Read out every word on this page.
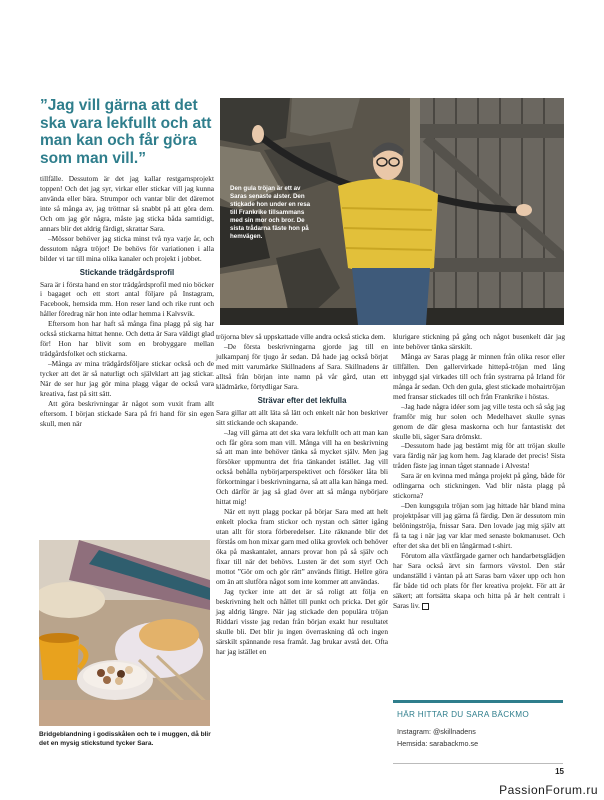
”Jag vill gärna att det ska vara lekfullt och att man kan och får göra som man vill.”

Den gula tröjan är ett av Saras senaste alster. Den stickade hon under en resa till Frankrike tillsammans med sin mor och bror. De sista trådarna fäste hon på hemvägen.

tillfälle. Dessutom är det jag kallar restgarnsprojekt toppen! Och det jag syr, virkar eller stickar vill jag kunna använda eller bära. Strumpor och vantar blir det däremot inte så många av, jag tröttnar så snabbt på att göra dem. Och om jag gör några, måste jag sticka båda samtidigt, annars blir det aldrig färdigt, skrattar Sara.

–Mössor behöver jag sticka minst två nya varje år, och dessutom några tröjor! De behövs för variationen i alla bilder vi tar till mina olika kanaler och projekt i jobbet.

Stickande trädgårdsprofil

Sara är i första hand en stor trädgårdsprofil med nio böcker i bagaget och ett stort antal följare på Instagram, Facebook, hemsida mm. Hon reser land och rike runt och håller föredrag när hon inte odlar hemma i Kalvsvik.

Eftersom hon har haft så många fina plagg på sig har också stickarna hittat henne. Och detta är Sara väldigt glad för! Hon har blivit som en brobyggare mellan trädgårdsfolket och stickarna.

–Många av mina trädgårdsföljare stickar också och de tycker att det är så naturligt och självklart att jag stickar. När de ser hur jag gör mina plagg vågar de också vara kreativa, fast på sitt sätt.

Att göra beskrivningar är något som vuxit fram allt eftersom. I början stickade Sara på fri hand för sin egen skull, men när

Bridgeblandning i godisskålen och te i muggen, då blir det en mysig stickstund tycker Sara.

tröjorna blev så uppskattade ville andra också sticka dem.

–De första beskrivningarna gjorde jag till en julkampanj för tjugo år sedan. Då hade jag också börjat med mitt varumärke Skillnadens af Sara. Skillnadens är alltså från början inte namn på vår gård, utan ett klädmärke, förtydligar Sara.

Strävar efter det lekfulla

Sara gillar att allt läta så lätt och enkelt när hon beskriver sitt stickande och skapande.

–Jag vill gärna att det ska vara lekfullt och att man kan och får göra som man vill. Många vill ha en beskrivning så att man inte behöver tänka så mycket själv. Men jag försöker uppmuntra det fria tänkandet istället. Jag vill också behålla nybörjarperspektivet och försöker låta bli förkortningar i beskrivningarna, så att alla kan hänga med. Och därför är jag så glad över att så många nybörjare hittat mig!

När ett nytt plagg pockar på börjar Sara med att helt enkelt plocka fram stickor och nystan och sätter igång utan allt för stora förberedelser. Lite räknande blir det förstås om hon mixar garn med olika grovlek och behöver öka på maskantalet, annars provar hon på så själv och fixar till när det behövs. Lusten är det som styr! Och mottot ”Gör om och gör rätt” används flitigt. Hellre göra om än att slutföra något som inte kommer att användas.

Jag tycker inte att det är så roligt att följa en beskrivning helt och hållet till punkt och pricka. Det gör jag aldrig längre. När jag stickade den populära tröjan Riddari visste jag redan från början exakt hur resultatet skulle bli. Det blir ju ingen överraskning då och ingen särskilt spännande resa framåt. Jag brukar avstå det. Ofta har jag istället en

klurigare stickning på gång och något busenkelt där jag inte behöver tänka särskilt.

Många av Saras plagg är minnen från olika resor eller tillfällen. Den gallervirkade hittepå-tröjan med lång inbyggd sjal virkades till och från systrarna på Irland för många år sedan. Och den gula, glest stickade mohairtröjan med fransar stickades till och från Frankrike i höstas.

–Jag hade några idéer som jag ville testa och så såg jag framför mig hur solen och Medelhavet skulle synas genom de där glesa maskorna och hur fantastiskt det skulle bli, säger Sara drömskt.

–Dessutom hade jag bestämt mig för att tröjan skulle vara färdig när jag kom hem. Jag klarade det precis! Sista tråden fäste jag innan tåget stannade i Alvesta!

Sara är en kvinna med många projekt på gång, både för odlingarna och stickningen. Vad blir nästa plagg på stickorna?

–Den kungsgula tröjan som jag hittade här bland mina projektpåsar vill jag gärna få färdig. Den är dessutom min belöningströja, fnissar Sara. Den lovade jag mig själv att få ta tag i när jag var klar med senaste bokmanuset. Och efter det ska det bli en långärmad t-shirt.

Förutom alla växtfärgade garner och handarbetsglädjen har Sara också ärvt sin farmors vävstol. Den står undanställd i väntan på att Saras barn växer upp och hon får både tid och plats för fler kreativa projekt. För att är säkert; att fortsätta skapa och hitta på är helt centralt i Saras liv.

HÄR HITTAR DU SARA BÄCKMO
Instagram: @skillnadens
Hemsida: sarabackmo.se
15
PassionForum.ru
